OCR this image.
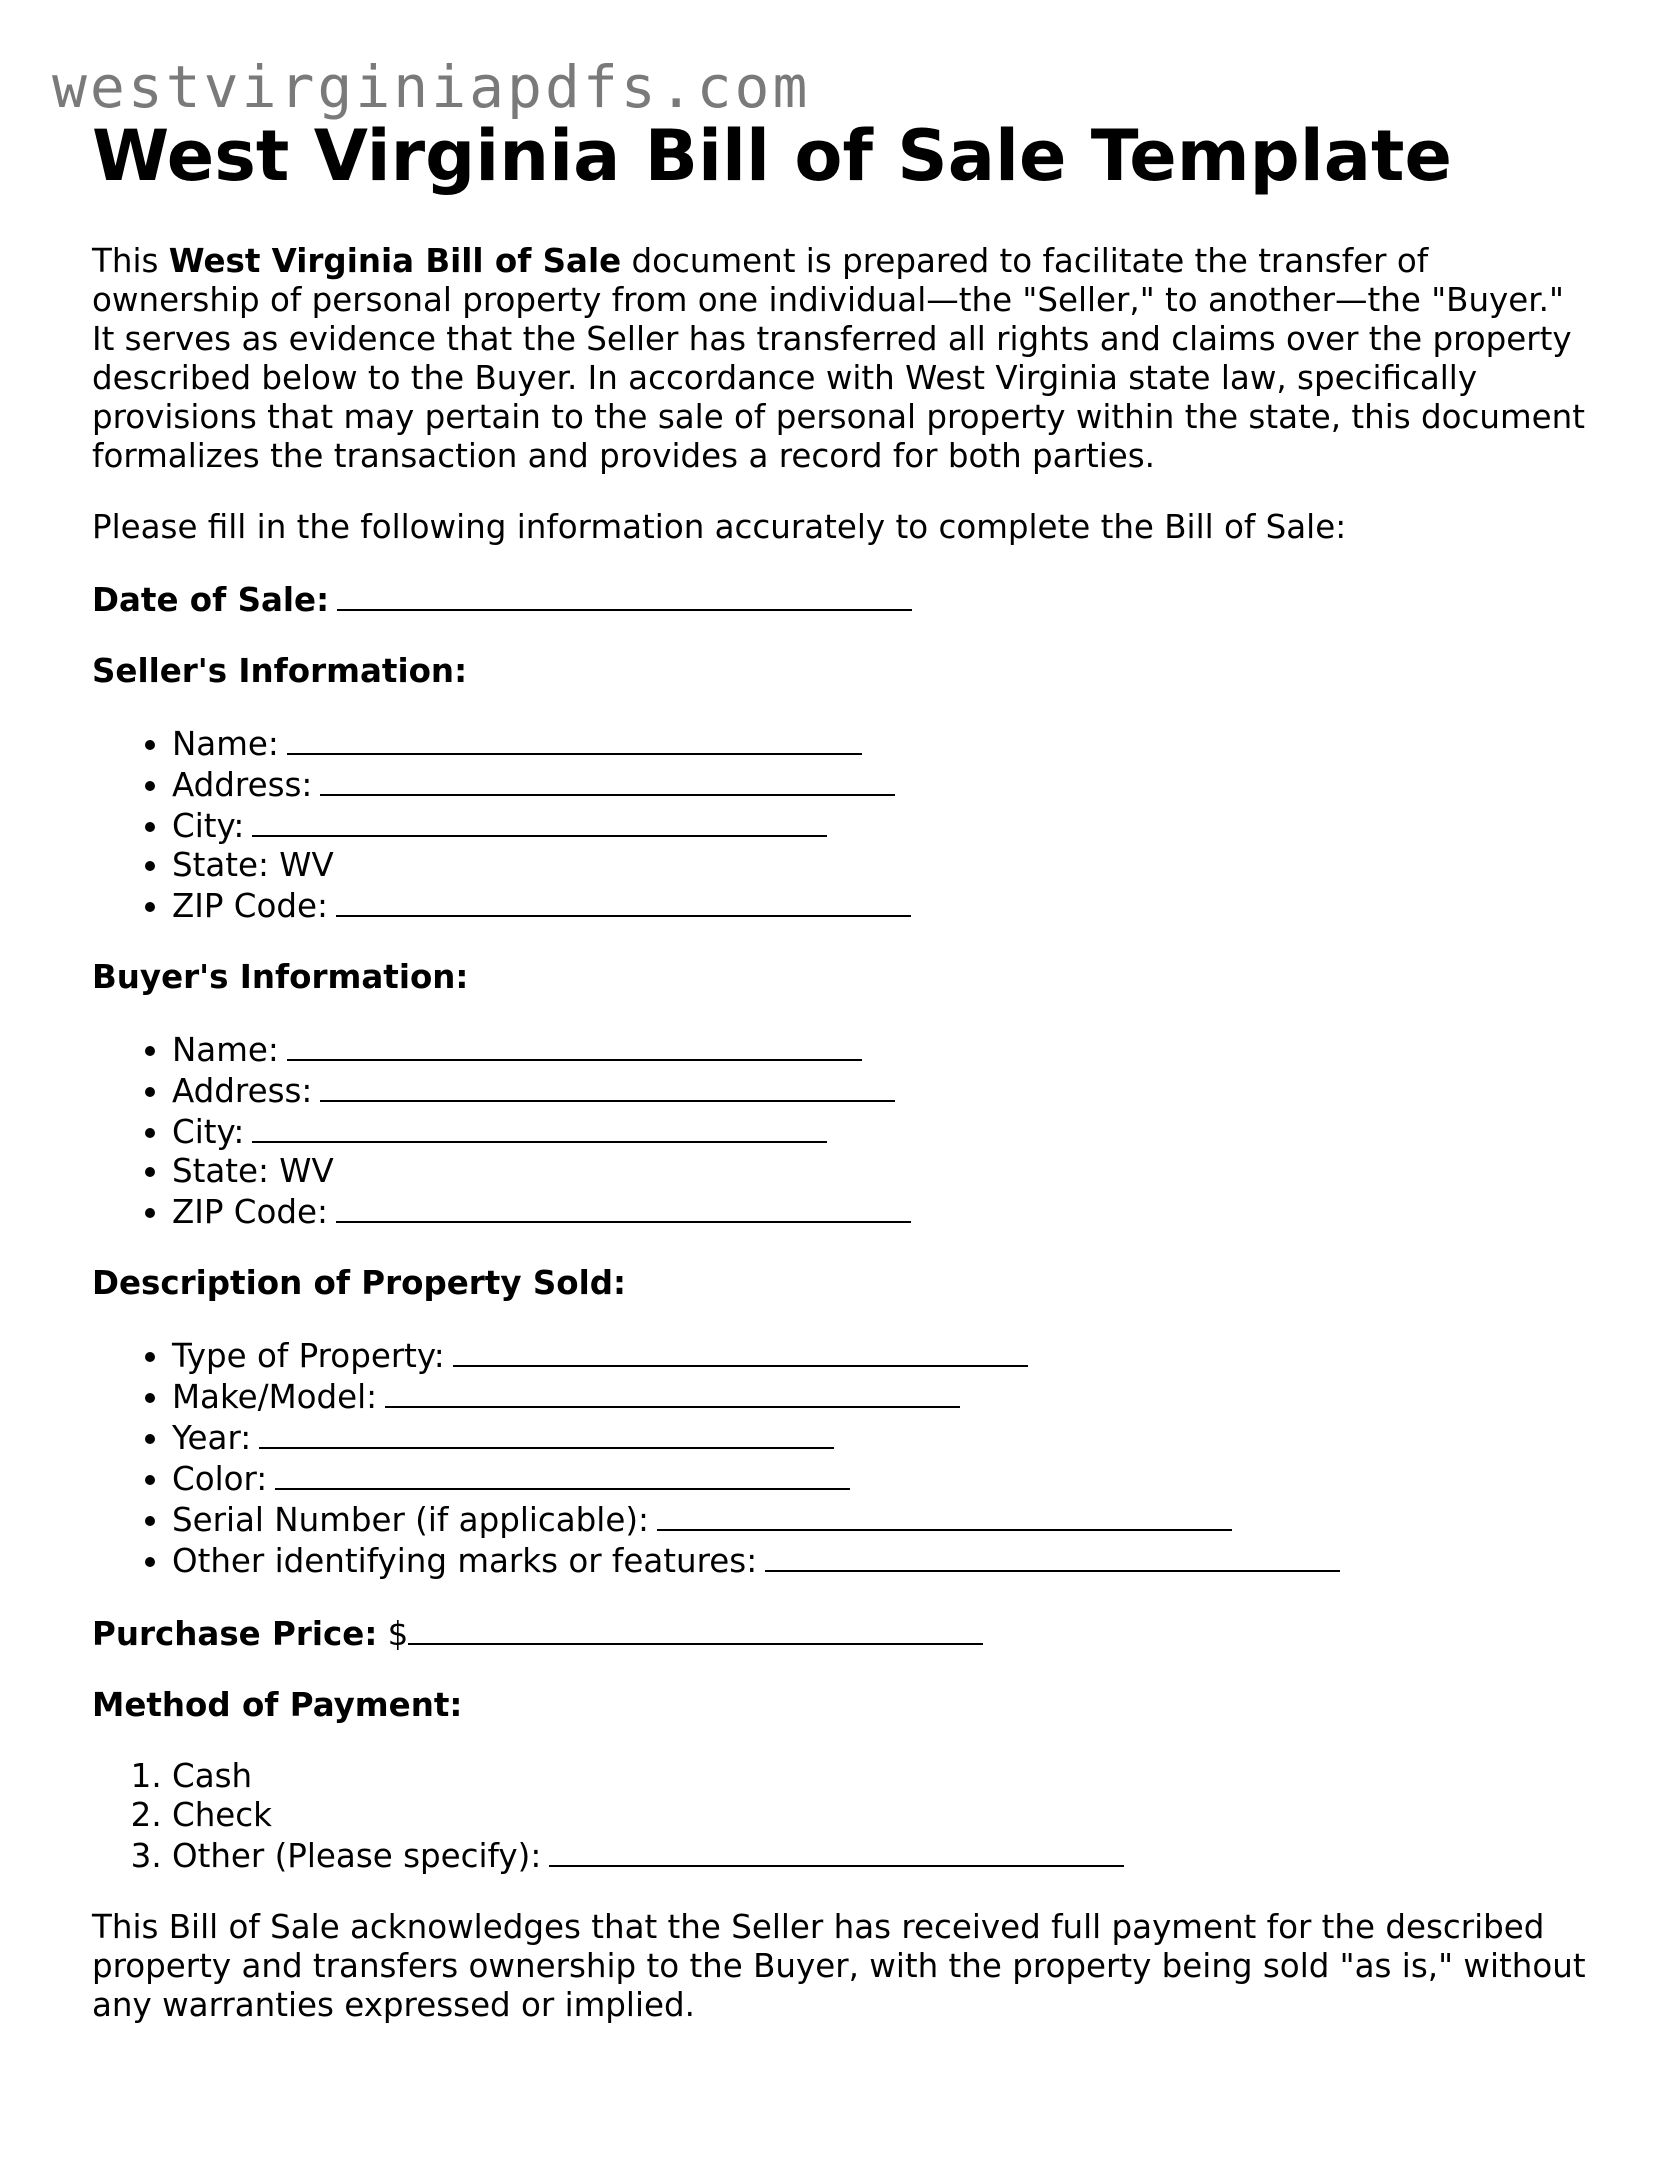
westvirginiapdfs.com
West Virginia Bill of Sale Template

This West Virginia Bill of Sale document is prepared to facilitate the transfer of ownership of personal property from one individual—the "Seller," to another—the "Buyer." It serves as evidence that the Seller has transferred all rights and claims over the property described below to the Buyer. In accordance with West Virginia state law, specifically provisions that may pertain to the sale of personal property within the state, this document formalizes the transaction and provides a record for both parties.

Please fill in the following information accurately to complete the Bill of Sale:

Date of Sale:

Seller's Information:

• Name:
• Address:
• City:
• State: WV
• ZIP Code:

Buyer's Information:

• Name:
• Address:
• City:
• State: WV
• ZIP Code:

Description of Property Sold:

• Type of Property:
• Make/Model:
• Year:
• Color:
• Serial Number (if applicable):
• Other identifying marks or features:

Purchase Price: $

Method of Payment:

1. Cash
2. Check
3. Other (Please specify):

This Bill of Sale acknowledges that the Seller has received full payment for the described property and transfers ownership to the Buyer, with the property being sold "as is," without any warranties expressed or implied.
